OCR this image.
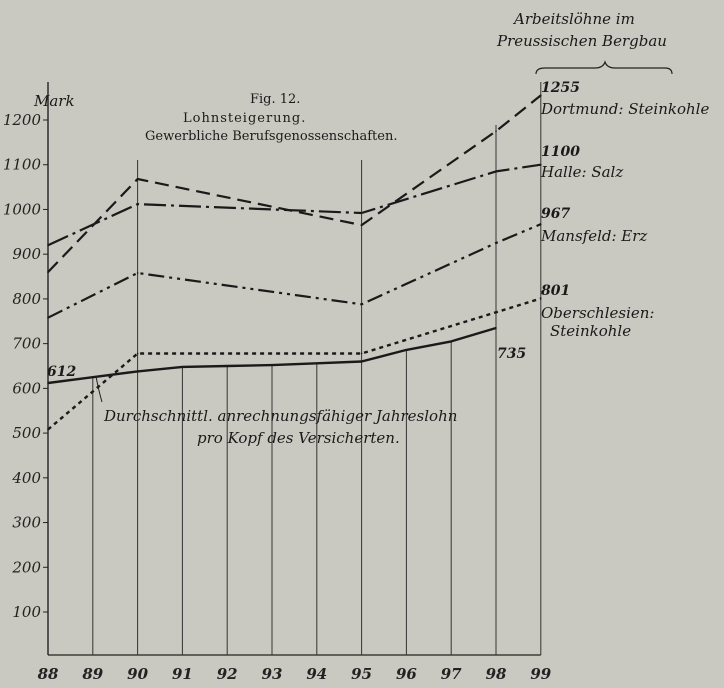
Arbeitslöhne im
Preussischen Bergbau
Mark	Fig. 12.
Lohnsteigerung.
Gewerbliche Berufsgenossenschaften.
1200
1100
1000
900
800
700
600
500
400
300
200
100
88 89 90 91 92 93 94 95 96 97 98 99
1255
Dortmund: Steinkohle
1100
Halle: Salz
967
Mansfeld: Erz
801
Oberschlesien:
Steinkohle
735
612
Durchschnittl. anrechnungsfähiger Jahreslohn
pro Kopf des Versicherten.
